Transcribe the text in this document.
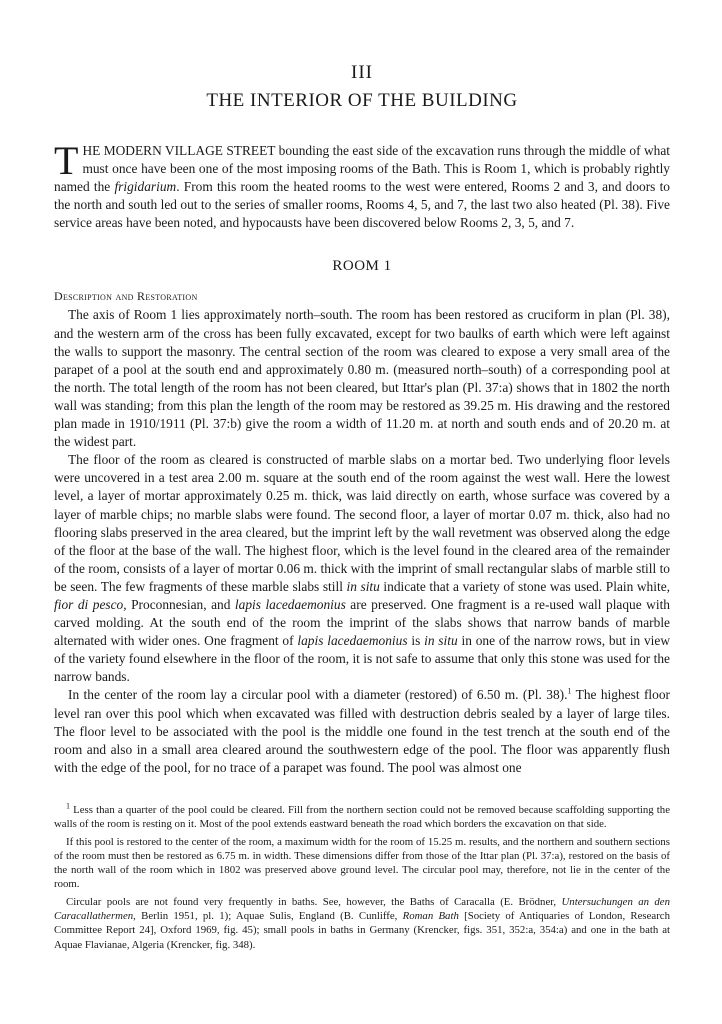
III
THE INTERIOR OF THE BUILDING

THE MODERN VILLAGE STREET bounding the east side of the excavation runs through the middle of what must once have been one of the most imposing rooms of the Bath. This is Room 1, which is probably rightly named the frigidarium. From this room the heated rooms to the west were entered, Rooms 2 and 3, and doors to the north and south led out to the series of smaller rooms, Rooms 4, 5, and 7, the last two also heated (Pl. 38). Five service areas have been noted, and hypocausts have been discovered below Rooms 2, 3, 5, and 7.

ROOM 1
Description and Restoration

The axis of Room 1 lies approximately north–south. The room has been restored as cruciform in plan (Pl. 38), and the western arm of the cross has been fully excavated, except for two baulks of earth which were left against the walls to support the masonry. The central section of the room was cleared to expose a very small area of the parapet of a pool at the south end and approximately 0.80 m. (measured north–south) of a corresponding pool at the north. The total length of the room has not been cleared, but Ittar's plan (Pl. 37:a) shows that in 1802 the north wall was standing; from this plan the length of the room may be restored as 39.25 m. His drawing and the restored plan made in 1910/1911 (Pl. 37:b) give the room a width of 11.20 m. at north and south ends and of 20.20 m. at the widest part.

The floor of the room as cleared is constructed of marble slabs on a mortar bed. Two underlying floor levels were uncovered in a test area 2.00 m. square at the south end of the room against the west wall. Here the lowest level, a layer of mortar approximately 0.25 m. thick, was laid directly on earth, whose surface was covered by a layer of marble chips; no marble slabs were found. The second floor, a layer of mortar 0.07 m. thick, also had no flooring slabs preserved in the area cleared, but the imprint left by the wall revetment was observed along the edge of the floor at the base of the wall. The highest floor, which is the level found in the cleared area of the remainder of the room, consists of a layer of mortar 0.06 m. thick with the imprint of small rectangular slabs of marble still to be seen. The few fragments of these marble slabs still in situ indicate that a variety of stone was used. Plain white, fior di pesco, Proconnesian, and lapis lacedaemonius are preserved. One fragment is a re-used wall plaque with carved molding. At the south end of the room the imprint of the slabs shows that narrow bands of marble alternated with wider ones. One fragment of lapis lacedaemonius is in situ in one of the narrow rows, but in view of the variety found elsewhere in the floor of the room, it is not safe to assume that only this stone was used for the narrow bands.

In the center of the room lay a circular pool with a diameter (restored) of 6.50 m. (Pl. 38).$^1$ The highest floor level ran over this pool which when excavated was filled with destruction debris sealed by a layer of large tiles. The floor level to be associated with the pool is the middle one found in the test trench at the south end of the room and also in a small area cleared around the southwestern edge of the pool. The floor was apparently flush with the edge of the pool, for no trace of a parapet was found. The pool was almost one

$^1$ Less than a quarter of the pool could be cleared. Fill from the northern section could not be removed because scaffolding supporting the walls of the room is resting on it. Most of the pool extends eastward beneath the road which borders the excavation on that side.

If this pool is restored to the center of the room, a maximum width for the room of 15.25 m. results, and the northern and southern sections of the room must then be restored as 6.75 m. in width. These dimensions differ from those of the Ittar plan (Pl. 37:a), restored on the basis of the north wall of the room which in 1802 was preserved above ground level. The circular pool may, therefore, not lie in the center of the room.

Circular pools are not found very frequently in baths. See, however, the Baths of Caracalla (E. Brödner, Untersuchungen an den Caracallathermen, Berlin 1951, pl. 1); Aquae Sulis, England (B. Cunliffe, Roman Bath [Society of Antiquaries of London, Research Committee Report 24], Oxford 1969, fig. 45); small pools in baths in Germany (Krencker, figs. 351, 352:a, 354:a) and one in the bath at Aquae Flavianae, Algeria (Krencker, fig. 348).
